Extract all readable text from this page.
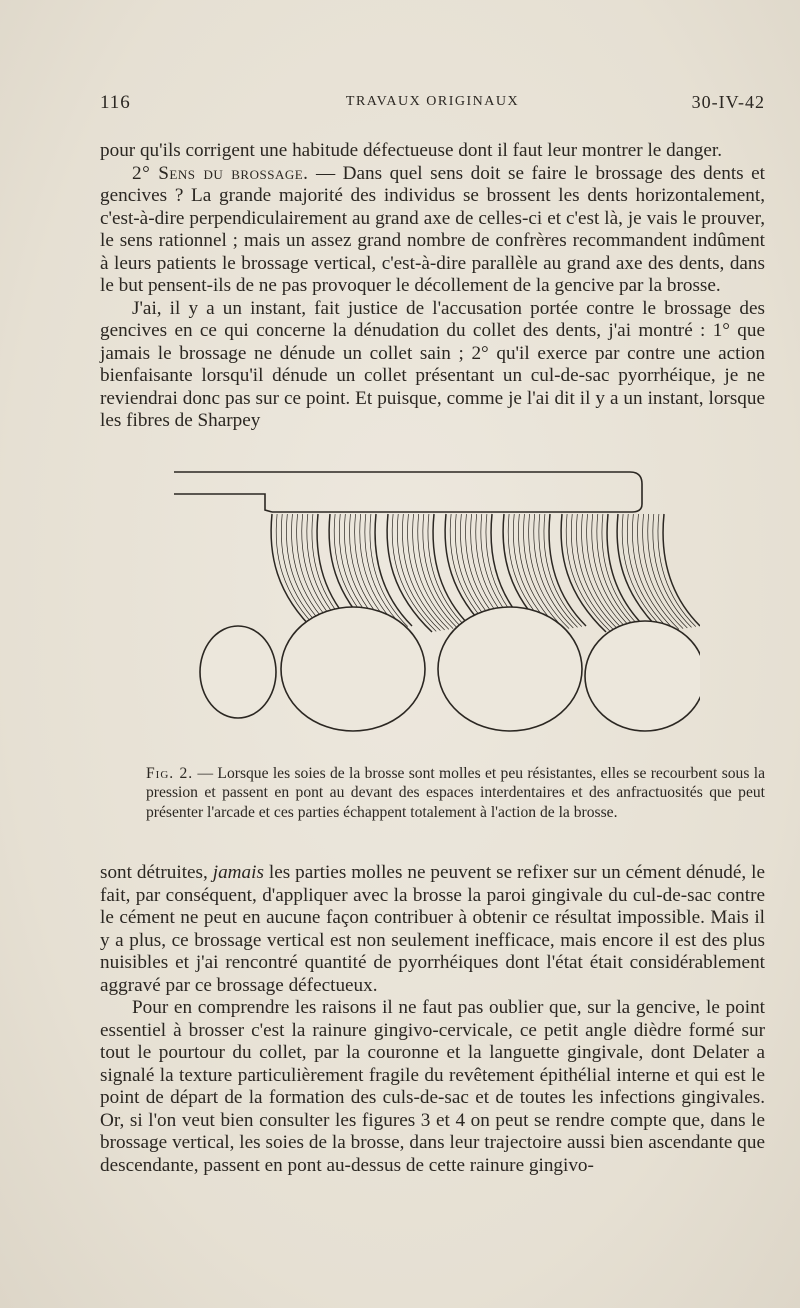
116	TRAVAUX ORIGINAUX	30-IV-42

pour qu'ils corrigent une habitude défectueuse dont il faut leur montrer le danger.

2° Sens du brossage. — Dans quel sens doit se faire le brossage des dents et gencives ? La grande majorité des individus se brossent les dents horizontalement, c'est-à-dire perpendiculairement au grand axe de celles-ci et c'est là, je vais le prouver, le sens rationnel ; mais un assez grand nombre de confrères recommandent indûment à leurs patients le brossage vertical, c'est-à-dire parallèle au grand axe des dents, dans le but pensent-ils de ne pas provoquer le décollement de la gencive par la brosse.

J'ai, il y a un instant, fait justice de l'accusation portée contre le brossage des gencives en ce qui concerne la dénudation du collet des dents, j'ai montré : 1° que jamais le brossage ne dénude un collet sain ; 2° qu'il exerce par contre une action bienfaisante lorsqu'il dénude un collet présentant un cul-de-sac pyorrhéique, je ne reviendrai donc pas sur ce point. Et puisque, comme je l'ai dit il y a un instant, lorsque les fibres de Sharpey

Fig. 2. — Lorsque les soies de la brosse sont molles et peu résistantes, elles se recourbent sous la pression et passent en pont au devant des espaces interdentaires et des anfractuosités que peut présenter l'arcade et ces parties échappent totalement à l'action de la brosse.

sont détruites, jamais les parties molles ne peuvent se refixer sur un cément dénudé, le fait, par conséquent, d'appliquer avec la brosse la paroi gingivale du cul-de-sac contre le cément ne peut en aucune façon contribuer à obtenir ce résultat impossible. Mais il y a plus, ce brossage vertical est non seulement inefficace, mais encore il est des plus nuisibles et j'ai rencontré quantité de pyorrhéiques dont l'état était considérablement aggravé par ce brossage défectueux.

Pour en comprendre les raisons il ne faut pas oublier que, sur la gencive, le point essentiel à brosser c'est la rainure gingivo-cervicale, ce petit angle dièdre formé sur tout le pourtour du collet, par la couronne et la languette gingivale, dont Delater a signalé la texture particulièrement fragile du revêtement épithélial interne et qui est le point de départ de la formation des culs-de-sac et de toutes les infections gingivales. Or, si l'on veut bien consulter les figures 3 et 4 on peut se rendre compte que, dans le brossage vertical, les soies de la brosse, dans leur trajectoire aussi bien ascendante que descendante, passent en pont au-dessus de cette rainure gingivo-
